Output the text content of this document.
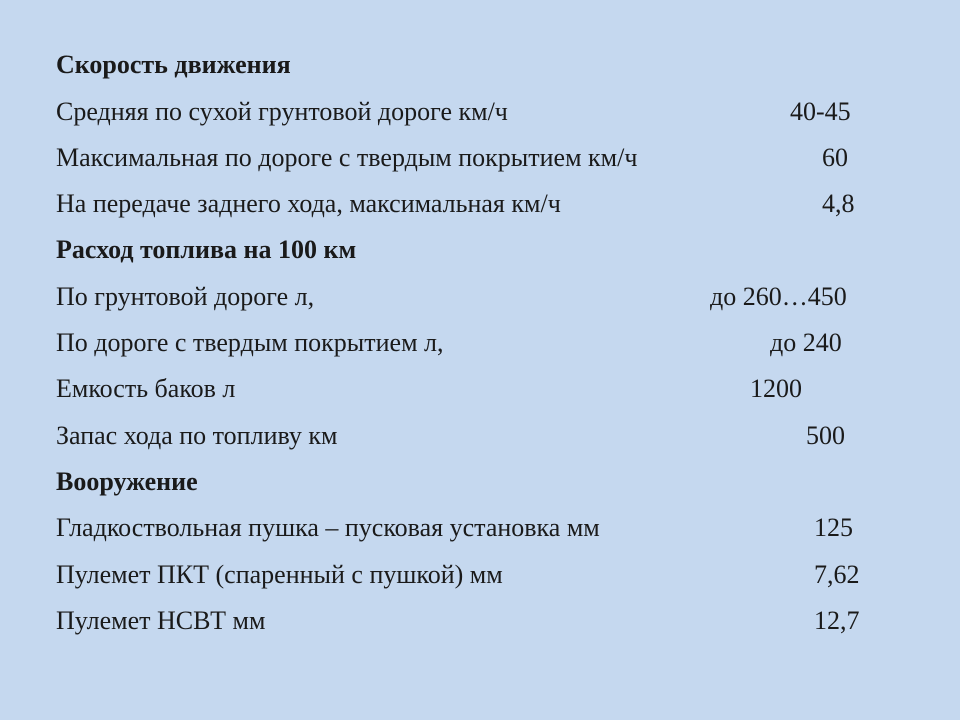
Скорость движения
Средняя по сухой грунтовой дороге км/ч	40-45
Максимальная по дороге с твердым покрытием км/ч	60
На передаче заднего хода, максимальная км/ч	4,8
Расход топлива на 100 км
По грунтовой дороге л,	до 260…450
По дороге с твердым покрытием л,	до 240
Емкость баков л	1200
Запас хода по топливу км	500
Вооружение
Гладкоствольная пушка – пусковая установка мм	125
Пулемет ПКТ (спаренный с пушкой) мм	7,62
Пулемет НСВТ мм	12,7
